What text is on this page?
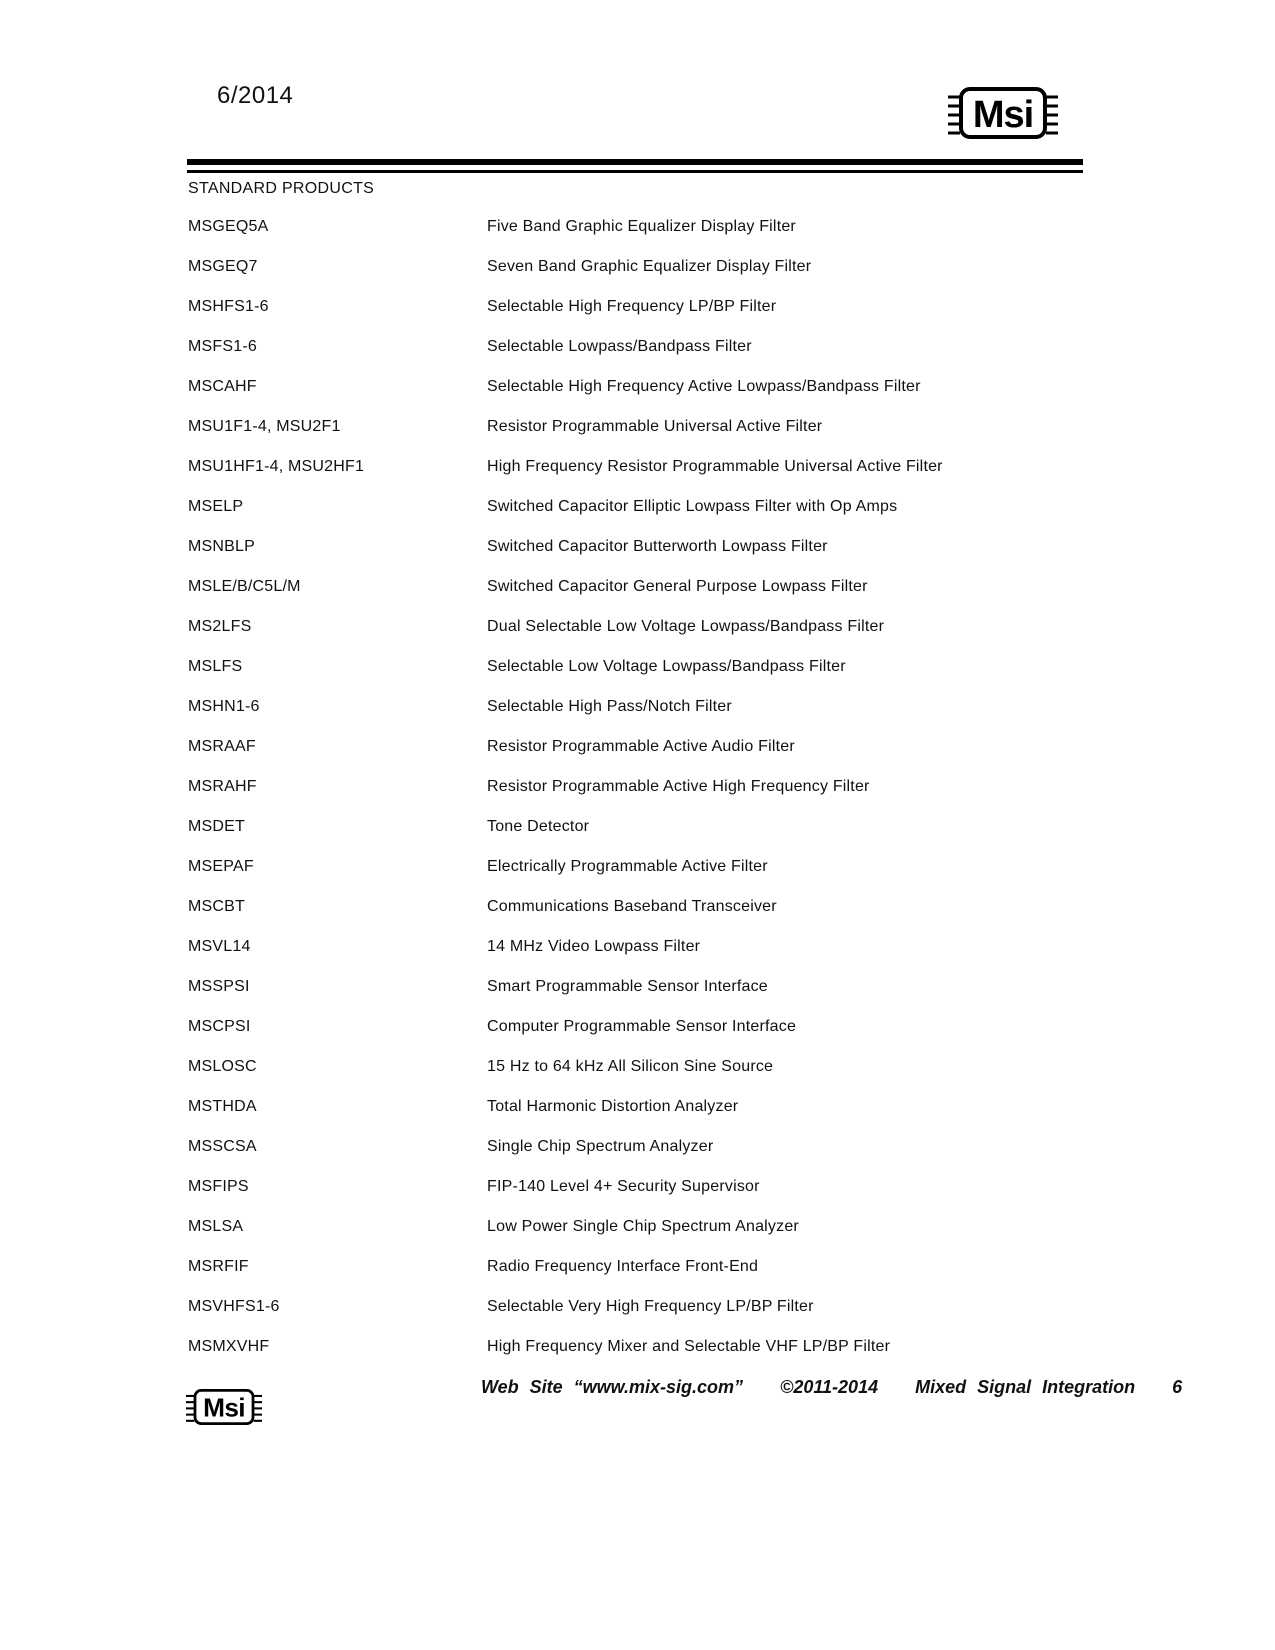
6/2014	Msi
STANDARD PRODUCTS
MSGEQ5A	Five Band Graphic Equalizer Display Filter
MSGEQ7	Seven Band Graphic Equalizer Display Filter
MSHFS1-6	Selectable High Frequency LP/BP Filter
MSFS1-6	Selectable Lowpass/Bandpass Filter
MSCAHF	Selectable High Frequency Active Lowpass/Bandpass Filter
MSU1F1-4, MSU2F1	Resistor Programmable Universal Active Filter
MSU1HF1-4, MSU2HF1	High Frequency Resistor Programmable Universal Active Filter
MSELP	Switched Capacitor Elliptic Lowpass Filter with Op Amps
MSNBLP	Switched Capacitor Butterworth Lowpass Filter
MSLE/B/C5L/M	Switched Capacitor General Purpose Lowpass Filter
MS2LFS	Dual Selectable Low Voltage Lowpass/Bandpass Filter
MSLFS	Selectable Low Voltage Lowpass/Bandpass Filter
MSHN1-6	Selectable High Pass/Notch Filter
MSRAAF	Resistor Programmable Active Audio Filter
MSRAHF	Resistor Programmable Active High Frequency Filter
MSDET	Tone Detector
MSEPAF	Electrically Programmable Active Filter
MSCBT	Communications Baseband Transceiver
MSVL14	14 MHz Video Lowpass Filter
MSSPSI	Smart Programmable Sensor Interface
MSCPSI	Computer Programmable Sensor Interface
MSLOSC	15 Hz to 64 kHz All Silicon Sine Source
MSTHDA	Total Harmonic Distortion Analyzer
MSSCSA	Single Chip Spectrum Analyzer
MSFIPS	FIP-140 Level 4+ Security Supervisor
MSLSA	Low Power Single Chip Spectrum Analyzer
MSRFIF	Radio Frequency Interface Front-End
MSVHFS1-6	Selectable Very High Frequency LP/BP Filter
MSMXVHF	High Frequency Mixer and Selectable VHF LP/BP Filter
Msi
Web Site “www.mix-sig.com” ©2011-2014 Mixed Signal Integration 6
